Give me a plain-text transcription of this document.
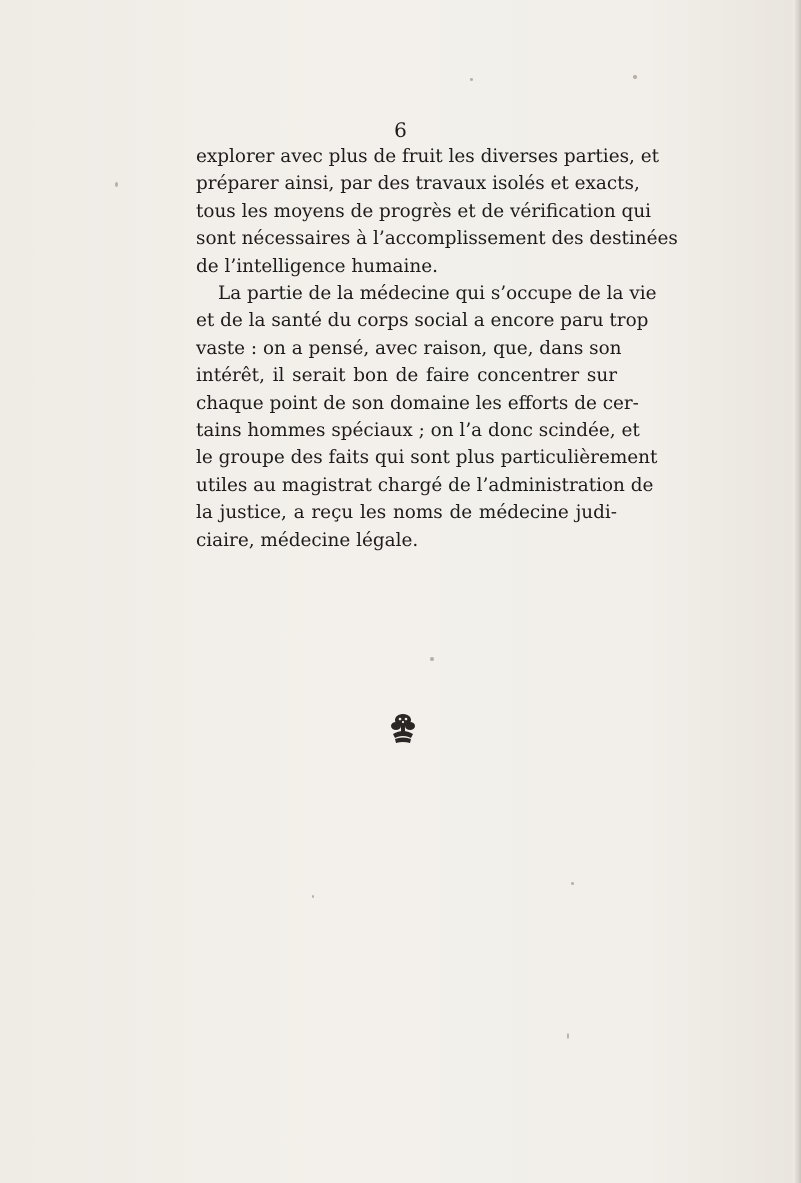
6
explorer avec plus de fruit les diverses parties, et
préparer ainsi, par des travaux isolés et exacts,
tous les moyens de progrès et de vérification qui
sont nécessaires à l’accomplissement des destinées
de l’intelligence humaine.
La partie de la médecine qui s’occupe de la vie
et de la santé du corps social a encore paru trop
vaste : on a pensé, avec raison, que, dans son
intérêt, il serait bon de faire concentrer sur
chaque point de son domaine les efforts de cer-
tains hommes spéciaux ; on l’a donc scindée, et
le groupe des faits qui sont plus particulièrement
utiles au magistrat chargé de l’administration de
la justice, a reçu les noms de médecine judi-
ciaire, médecine légale.
